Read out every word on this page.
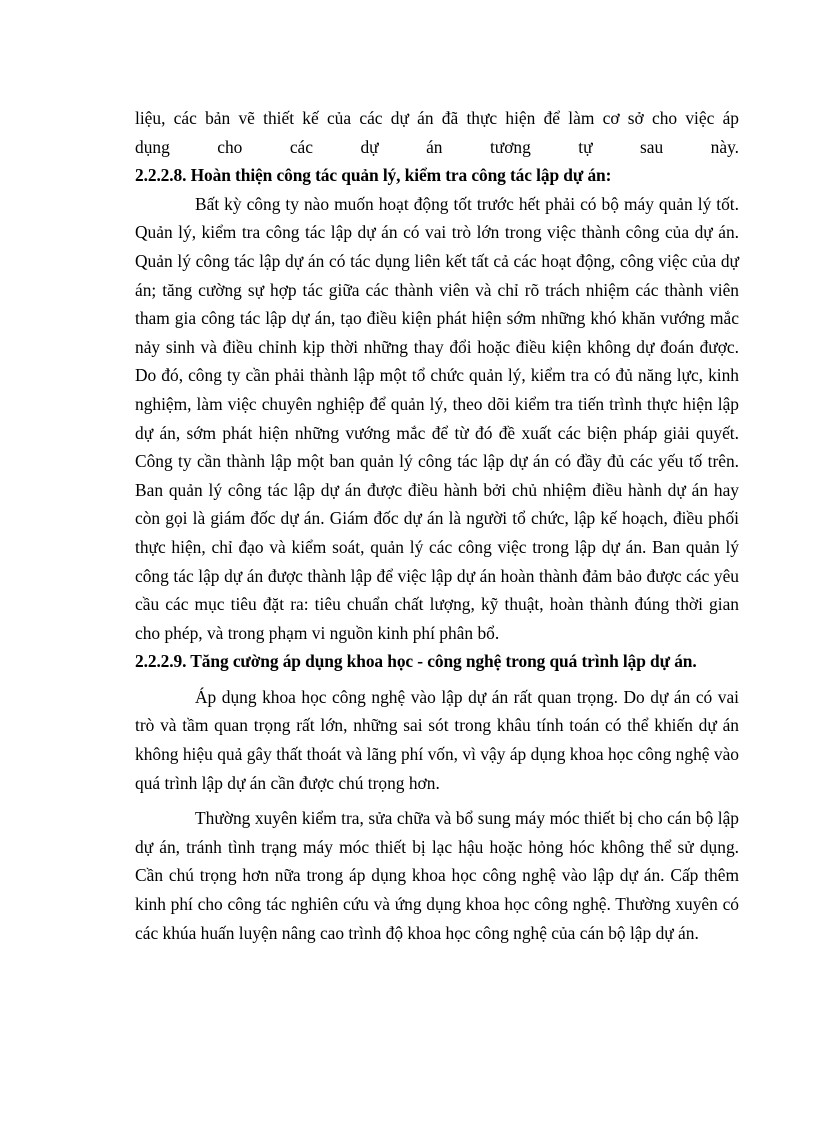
liệu, các bản vẽ thiết kế của các dự án đã thực hiện để làm cơ sở cho việc áp

dụng cho các dự án tương tự sau này.

2.2.2.8. Hoàn thiện công tác quản lý, kiểm tra công tác lập dự án:

Bất kỳ công ty nào muốn hoạt động tốt trước hết phải có bộ máy quản lý tốt. Quản lý, kiểm tra công tác lập dự án có vai trò lớn trong việc thành công của dự án. Quản lý công tác lập dự án có tác dụng liên kết tất cả các hoạt động, công việc của dự án; tăng cường sự hợp tác giữa các thành viên và chỉ rõ trách nhiệm các thành viên tham gia công tác lập dự án, tạo điều kiện phát hiện sớm những khó khăn vướng mắc nảy sinh và điều chỉnh kịp thời những thay đổi hoặc điều kiện không dự đoán được. Do đó, công ty cần phải thành lập một tổ chức quản lý, kiểm tra có đủ năng lực, kinh nghiệm, làm việc chuyên nghiệp để quản lý, theo dõi kiểm tra tiến trình thực hiện lập dự án, sớm phát hiện những vướng mắc để từ đó đề xuất các biện pháp giải quyết. Công ty cần thành lập một ban quản lý công tác lập dự án có đầy đủ các yếu tố trên. Ban quản lý công tác lập dự án được điều hành bởi chủ nhiệm điều hành dự án hay còn gọi là giám đốc dự án. Giám đốc dự án là người tổ chức, lập kế hoạch, điều phối thực hiện, chỉ đạo và kiểm soát, quản lý các công việc trong lập dự án. Ban quản lý công tác lập dự án được thành lập để việc lập dự án hoàn thành đảm bảo được các yêu cầu các mục tiêu đặt ra: tiêu chuẩn chất lượng, kỹ thuật, hoàn thành đúng thời gian cho phép, và trong phạm vi nguồn kinh phí phân bổ.

2.2.2.9. Tăng cường áp dụng khoa học - công nghệ trong quá trình lập dự án.

Áp dụng khoa học công nghệ vào lập dự án rất quan trọng. Do dự án có vai trò và tầm quan trọng rất lớn, những sai sót trong khâu tính toán có thể khiến dự án không hiệu quả gây thất thoát và lãng phí vốn, vì vậy áp dụng khoa học công nghệ vào quá trình lập dự án cần được chú trọng hơn.

Thường xuyên kiểm tra, sửa chữa và bổ sung máy móc thiết bị cho cán bộ lập dự án, tránh tình trạng máy móc thiết bị lạc hậu hoặc hỏng hóc không thể sử dụng. Cần chú trọng hơn nữa trong áp dụng khoa học công nghệ vào lập dự án. Cấp thêm kinh phí cho công tác nghiên cứu và ứng dụng khoa học công nghệ. Thường xuyên có các khúa huấn luyện nâng cao trình độ khoa học công nghệ của cán bộ lập dự án.
